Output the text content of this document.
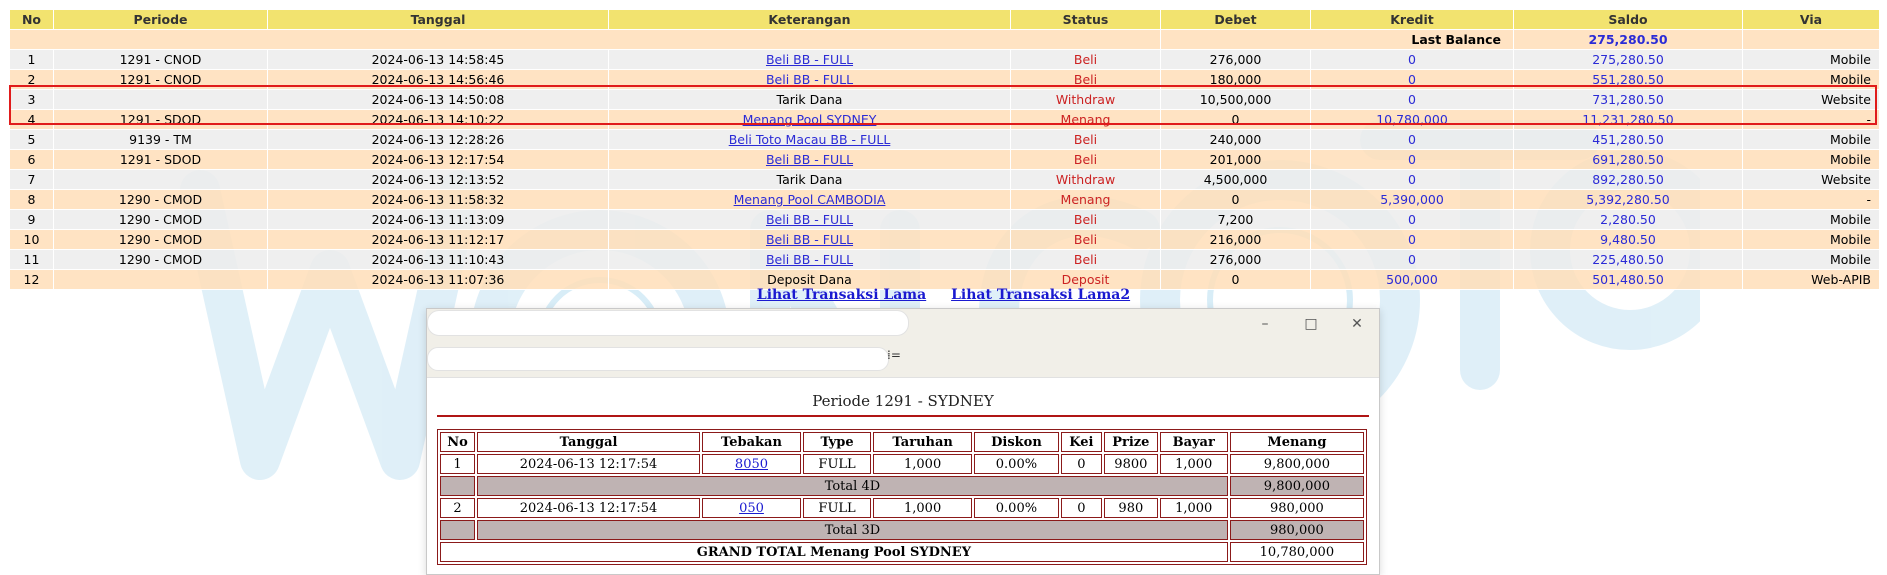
No	Periode	Tanggal	Keterangan	Status	Debet	Kredit	Saldo	Via
					Last Balance		275,280.50	
1	1291 - CNOD	2024-06-13 14:58:45	Beli BB - FULL	Beli	276,000	0	275,280.50	Mobile
2	1291 - CNOD	2024-06-13 14:56:46	Beli BB - FULL	Beli	180,000	0	551,280.50	Mobile
3		2024-06-13 14:50:08	Tarik Dana	Withdraw	10,500,000	0	731,280.50	Website
4	1291 - SDOD	2024-06-13 14:10:22	Menang Pool SYDNEY	Menang	0	10,780,000	11,231,280.50	-
5	9139 - TM	2024-06-13 12:28:26	Beli Toto Macau BB - FULL	Beli	240,000	0	451,280.50	Mobile
6	1291 - SDOD	2024-06-13 12:17:54	Beli BB - FULL	Beli	201,000	0	691,280.50	Mobile
7		2024-06-13 12:13:52	Tarik Dana	Withdraw	4,500,000	0	892,280.50	Website
8	1290 - CMOD	2024-06-13 11:58:32	Menang Pool CAMBODIA	Menang	0	5,390,000	5,392,280.50	-
9	1290 - CMOD	2024-06-13 11:13:09	Beli BB - FULL	Beli	7,200	0	2,280.50	Mobile
10	1290 - CMOD	2024-06-13 11:12:17	Beli BB - FULL	Beli	216,000	0	9,480.50	Mobile
11	1290 - CMOD	2024-06-13 11:10:43	Beli BB - FULL	Beli	276,000	0	225,480.50	Mobile
12		2024-06-13 11:07:36	Deposit Dana	Deposit	0	500,000	501,480.50	Web-APIB
Lihat Transaksi Lama Lihat Transaksi Lama2
–	□	✕
⁞=
Periode 1291 - SYDNEY
No	Tanggal	Tebakan	Type	Taruhan	Diskon	Kei	Prize	Bayar	Menang
1	2024-06-13 12:17:54	8050	FULL	1,000	0.00%	0	9800	1,000	9,800,000
	Total 4D								9,800,000
2	2024-06-13 12:17:54	050	FULL	1,000	0.00%	0	980	1,000	980,000
	Total 3D								980,000
GRAND TOTAL Menang Pool SYDNEY									10,780,000
